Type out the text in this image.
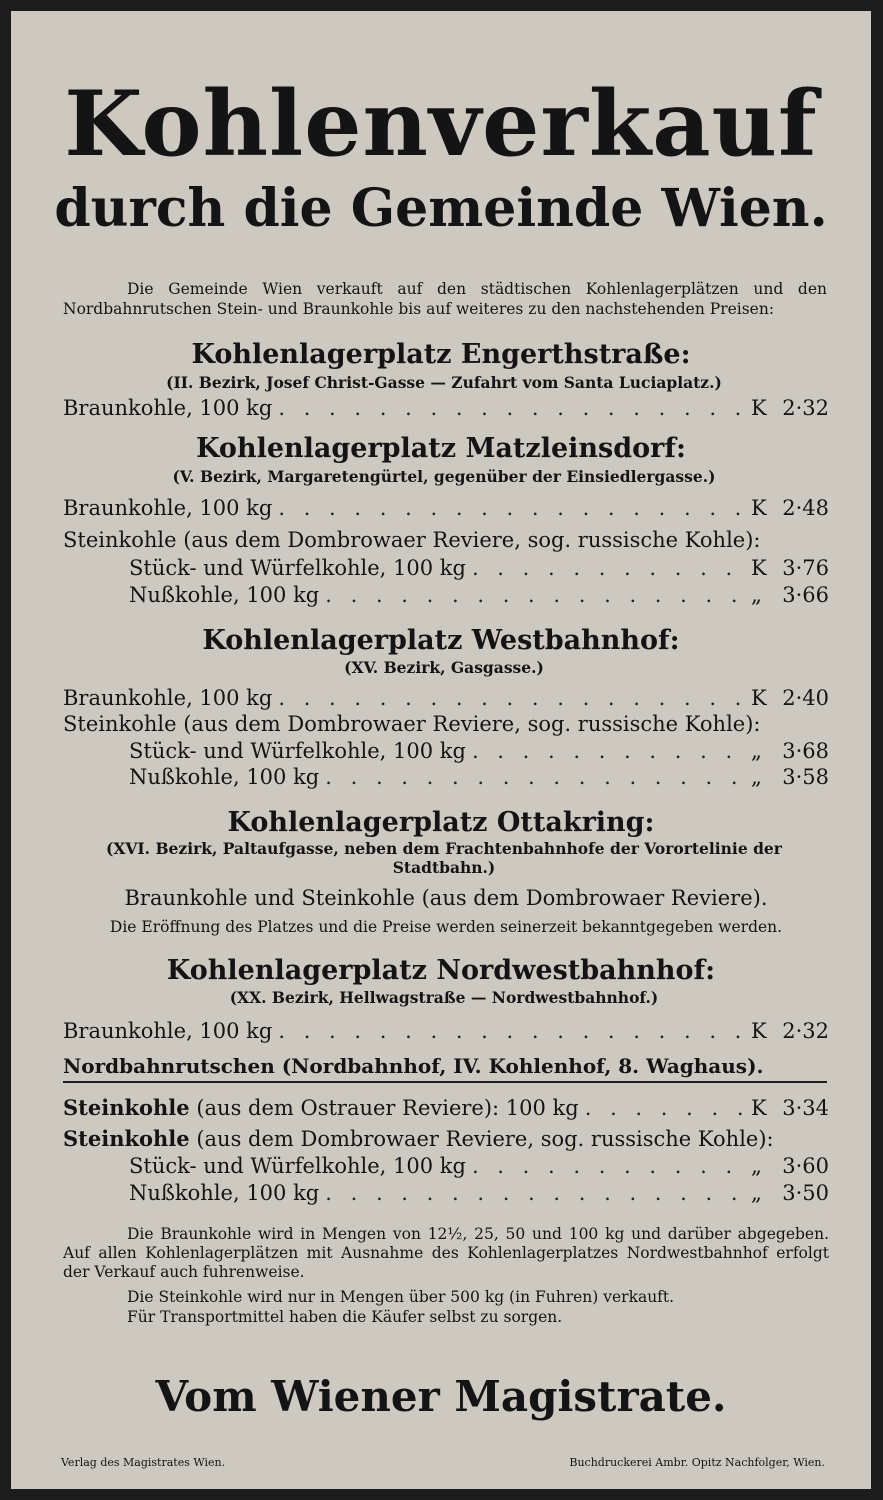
Kohlenverkauf
durch die Gemeinde Wien.
Die Gemeinde Wien verkauft auf den städtischen Kohlenlagerplätzen und den Nordbahnrutschen Stein- und Braunkohle bis auf weiteres zu den nachstehenden Preisen:
Kohlenlagerplatz Engerthstraße:
(II. Bezirk, Josef Christ-Gasse — Zufahrt vom Santa Luciaplatz.)
Braunkohle, 100 kg . . .	K 2·32
Kohlenlagerplatz Matzleinsdorf:
(V. Bezirk, Margaretengürtel, gegenüber der Einsiedlergasse.)
Braunkohle, 100 kg . . .	K 2·48
Steinkohle (aus dem Dombrowaer Reviere, sog. russische Kohle):
Stück- und Würfelkohle, 100 kg . . .	K 3·76
Nußkohle, 100 kg . . .	„ 3·66
Kohlenlagerplatz Westbahnhof:
(XV. Bezirk, Gasgasse.)
Braunkohle, 100 kg . . .	K 2·40
Steinkohle (aus dem Dombrowaer Reviere, sog. russische Kohle):
Stück- und Würfelkohle, 100 kg . . .	„ 3·68
Nußkohle, 100 kg . . .	„ 3·58
Kohlenlagerplatz Ottakring:
(XVI. Bezirk, Paltaufgasse, neben dem Frachtenbahnhofe der Vorortelinie der Stadtbahn.)
Braunkohle und Steinkohle (aus dem Dombrowaer Reviere).
Die Eröffnung des Platzes und die Preise werden seinerzeit bekanntgegeben werden.
Kohlenlagerplatz Nordwestbahnhof:
(XX. Bezirk, Hellwagstraße — Nordwestbahnhof.)
Braunkohle, 100 kg . . .	K 2·32
Nordbahnrutschen (Nordbahnhof, IV. Kohlenhof, 8. Waghaus).
Steinkohle (aus dem Ostrauer Reviere): 100 kg . . .	K 3·34
Steinkohle (aus dem Dombrowaer Reviere, sog. russische Kohle):
Stück- und Würfelkohle, 100 kg . . .	„ 3·60
Nußkohle, 100 kg . . .	„ 3·50
Die Braunkohle wird in Mengen von 12½, 25, 50 und 100 kg und darüber abgegeben. Auf allen Kohlenlagerplätzen mit Ausnahme des Kohlenlagerplatzes Nordwestbahnhof erfolgt der Verkauf auch fuhrenweise.
Die Steinkohle wird nur in Mengen über 500 kg (in Fuhren) verkauft.
Für Transportmittel haben die Käufer selbst zu sorgen.
Vom Wiener Magistrate.
Verlag des Magistrates Wien.	Buchdruckerei Ambr. Opitz Nachfolger, Wien.
